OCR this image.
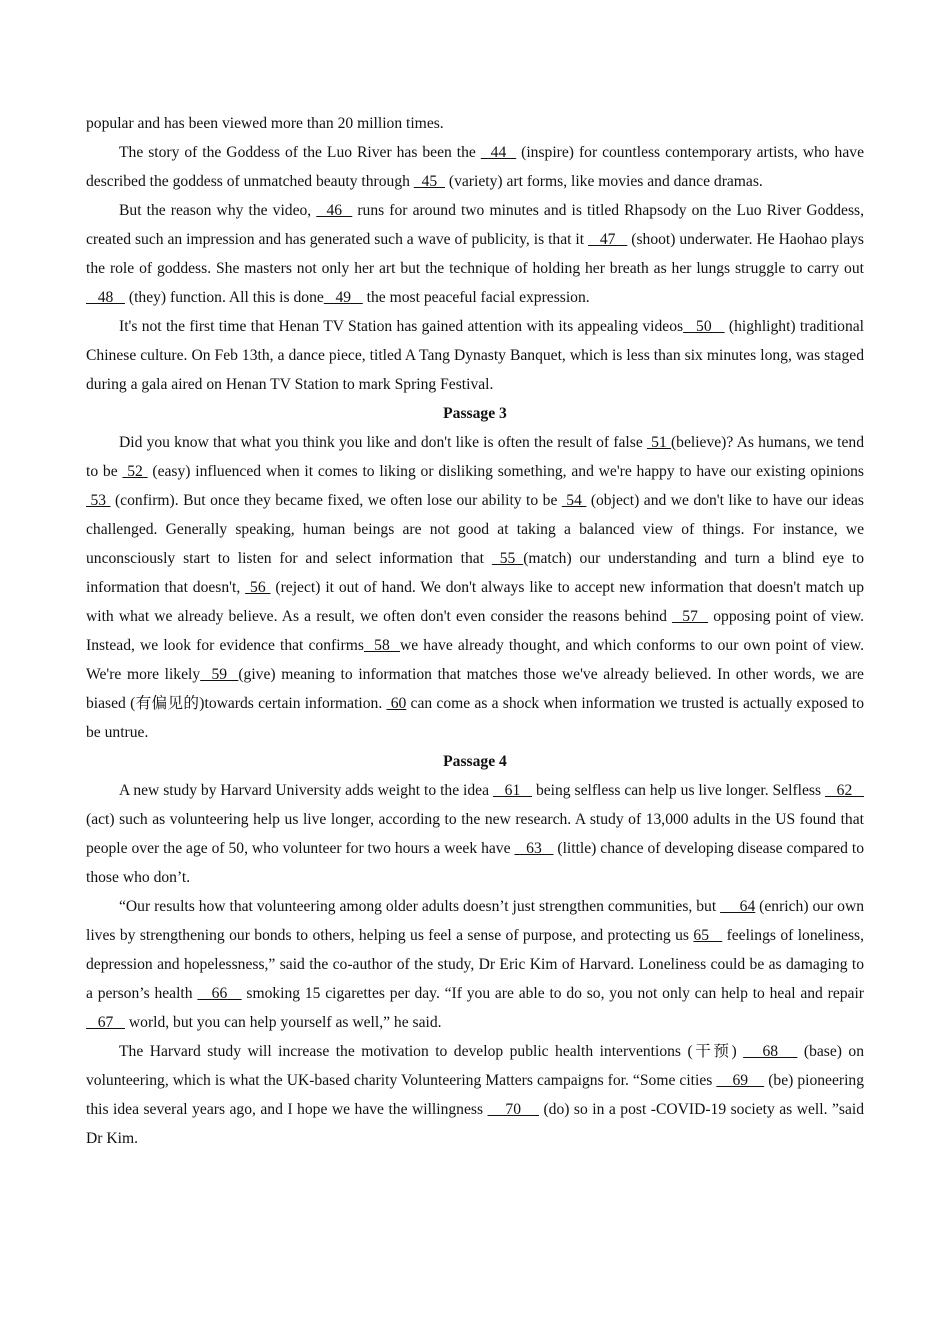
popular and has been viewed more than 20 million times.

The story of the Goddess of the Luo River has been the   44   (inspire) for countless contemporary artists, who have described the goddess of unmatched beauty through   45   (variety) art forms, like movies and dance dramas.

But the reason why the video,   46   runs for around two minutes and is titled Rhapsody on the Luo River Goddess, created such an impression and has generated such a wave of publicity, is that it    47    (shoot) underwater. He Haohao plays the role of goddess. She masters not only her art but the technique of holding her breath as her lungs struggle to carry out   48    (they) function. All this is done   49    the most peaceful facial expression.

It's not the first time that Henan TV Station has gained attention with its appealing videos   50    (highlight) traditional Chinese culture. On Feb 13th, a dance piece, titled A Tang Dynasty Banquet, which is less than six minutes long, was staged during a gala aired on Henan TV Station to mark Spring Festival.

Passage 3

Did you know that what you think you like and don't like is often the result of false  51 (believe)? As humans, we tend to be  52  (easy) influenced when it comes to liking or disliking something, and we're happy to have our existing opinions  53  (confirm). But once they became fixed, we often lose our ability to be  54  (object) and we don't like to have our ideas challenged. Generally speaking, human beings are not good at taking a balanced view of things. For instance, we unconsciously start to listen for and select information that  55 (match) our understanding and turn a blind eye to information that doesn't,  56  (reject) it out of hand. We don't always like to accept new information that doesn't match up with what we already believe. As a result, we often don't even consider the reasons behind   57   opposing point of view. Instead, we look for evidence that confirms  58  we have already thought, and which conforms to our own point of view. We're more likely  59  (give) meaning to information that matches those we've already believed. In other words, we are biased (有偏见的)towards certain information.  60 can come as a shock when information we trusted is actually exposed to be untrue.

Passage 4

A new study by Harvard University adds weight to the idea    61    being selfless can help us live longer. Selfless    62    (act) such as volunteering help us live longer, according to the new research. A study of 13,000 adults in the US found that people over the age of 50, who volunteer for two hours a week have    63    (little) chance of developing disease compared to those who don’t.

“Our results how that volunteering among older adults doesn’t just strengthen communities, but      64 (enrich) our own lives by strengthening our bonds to others, helping us feel a sense of purpose, and protecting us 65    feelings of loneliness, depression and hopelessness,” said the co-author of the study, Dr Eric Kim of Harvard. Loneliness could be as damaging to a person’s health    66    smoking 15 cigarettes per day. “If you are able to do so, you not only can help to heal and repair    67    world, but you can help yourself as well,” he said.

The Harvard study will increase the motivation to develop public health interventions (干预)    68    (base) on volunteering, which is what the UK-based charity Volunteering Matters campaigns for. “Some cities     69     (be) pioneering this idea several years ago, and I hope we have the willingness     70     (do) so in a post -COVID-19 society as well. ”said Dr Kim.
